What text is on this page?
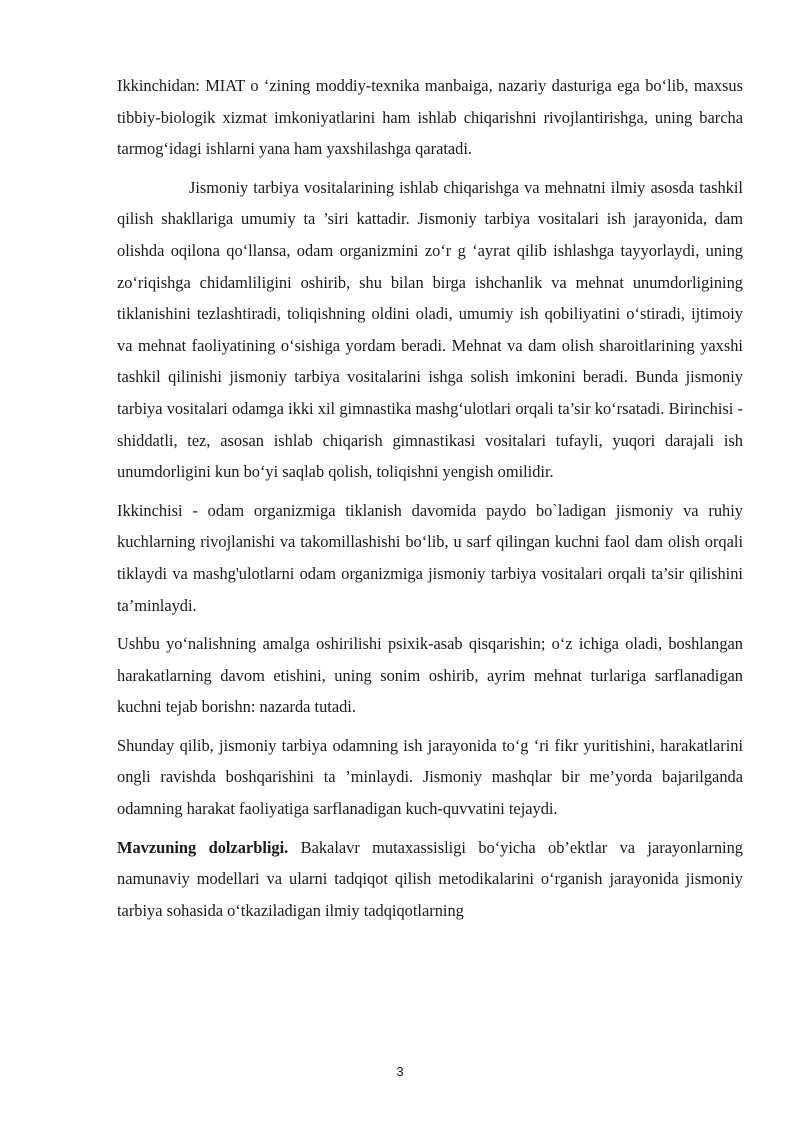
Ikkinchidan: MIAT o ‘zining moddiy-texnika manbaiga, nazariy dasturiga ega bo‘lib, maxsus tibbiy-biologik xizmat imkoniyatlarini ham ishlab chiqarishni rivojlantirishga, uning barcha tarmog‘idagi ishlarni yana ham yaxshilashga qaratadi.

Jismoniy tarbiya vositalarining ishlab chiqarishga va mehnatni ilmiy asosda tashkil qilish shakllariga umumiy ta ’siri kattadir. Jismoniy tarbiya vositalari ish jarayonida, dam olishda oqilona qo‘llansa, odam organizmini zo‘r g ‘ayrat qilib ishlashga tayyorlaydi, uning zo‘riqishga chidamliligini oshirib, shu bilan birga ishchanlik va mehnat unumdorligining tiklanishini tezlashtiradi, toliqishning oldini oladi, umumiy ish qobiliyatini o‘stiradi, ijtimoiy va mehnat faoliyatining o‘sishiga yordam beradi. Mehnat va dam olish sharoitlarining yaxshi tashkil qilinishi jismoniy tarbiya vositalarini ishga solish imkonini beradi. Bunda jismoniy tarbiya vositalari odamga ikki xil gimnastika mashg‘ulotlari orqali ta’sir ko‘rsatadi. Birinchisi - shiddatli, tez, asosan ishlab chiqarish gimnastikasi vositalari tufayli, yuqori darajali ish unumdorligini kun bo‘yi saqlab qolish, toliqishni yengish omilidir.

Ikkinchisi - odam organizmiga tiklanish davomida paydo bo`ladigan jismoniy va ruhiy kuchlarning rivojlanishi va takomillashishi bo‘lib, u sarf qilingan kuchni faol dam olish orqali tiklaydi va mashg'ulotlarni odam organizmiga jismoniy tarbiya vositalari orqali ta’sir qilishini ta’minlaydi.

Ushbu yo‘nalishning amalga oshirilishi psixik-asab qisqarishin; o‘z ichiga oladi, boshlangan harakatlarning davom etishini, uning sonim oshirib, ayrim mehnat turlariga sarflanadigan kuchni tejab borishn: nazarda tutadi.

Shunday qilib, jismoniy tarbiya odamning ish jarayonida to‘g ‘ri fikr yuritishini, harakatlarini ongli ravishda boshqarishini ta ’minlaydi. Jismoniy mashqlar bir me’yorda bajarilganda odamning harakat faoliyatiga sarflanadigan kuch-quvvatini tejaydi.

Mavzuning dolzarbligi. Bakalavr mutaxassisligi bo‘yicha ob’ektlar va jarayonlarning namunaviy modellari va ularni tadqiqot qilish metodikalarini o‘rganish jarayonida jismoniy tarbiya sohasida o‘tkaziladigan ilmiy tadqiqotlarning

3
